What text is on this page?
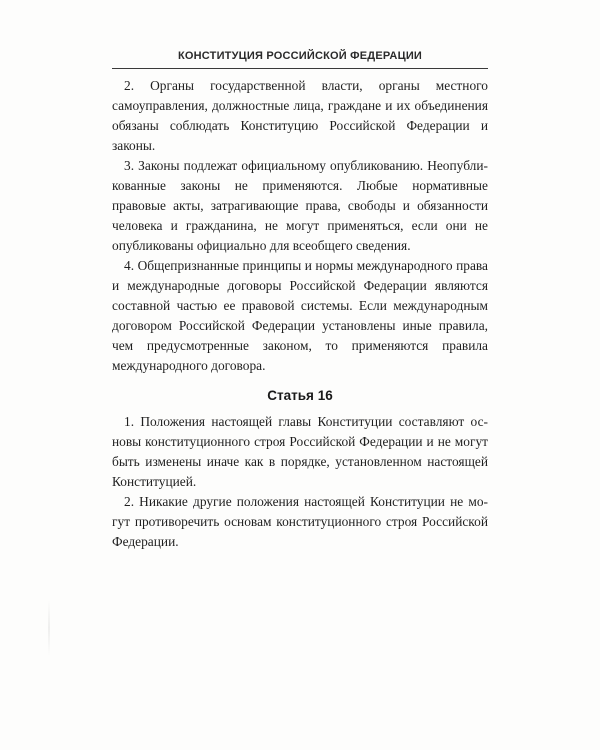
КОНСТИТУЦИЯ РОССИЙСКОЙ ФЕДЕРАЦИИ

2. Органы государственной власти, органы местного самоуправления, должностные лица, граждане и их объединения обязаны соблюдать Конституцию Российской Федерации и законы.

3. Законы подлежат официальному опубликованию. Неопубликованные законы не применяются. Любые нормативные правовые акты, затрагивающие права, свободы и обязанности человека и гражданина, не могут применяться, если они не опубликованы официально для всеобщего сведения.

4. Общепризнанные принципы и нормы международного права и международные договоры Российской Федерации являются составной частью ее правовой системы. Если международным договором Российской Федерации установлены иные правила, чем предусмотренные законом, то применяются правила международного договора.

Статья 16

1. Положения настоящей главы Конституции составляют основы конституционного строя Российской Федерации и не могут быть изменены иначе как в порядке, установленном настоящей Конституцией.

2. Никакие другие положения настоящей Конституции не могут противоречить основам конституционного строя Российской Федерации.
